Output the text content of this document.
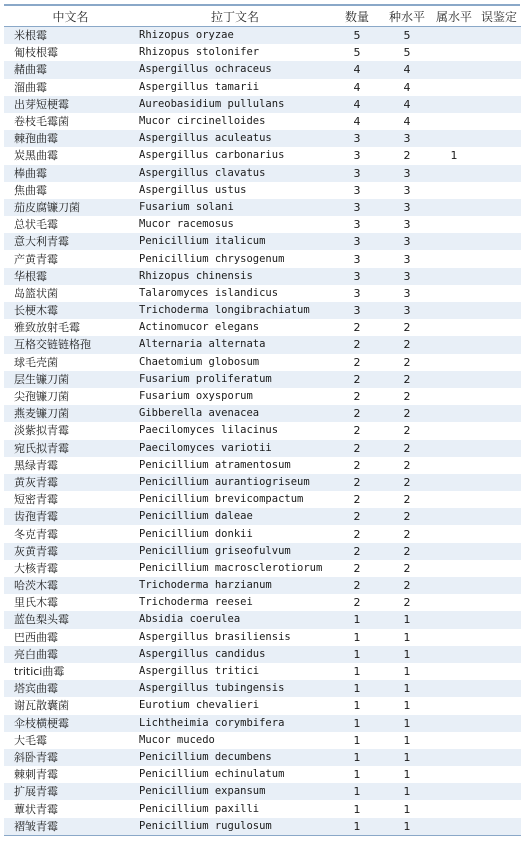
中文名	拉丁文名	数量	种水平	属水平	误鉴定
米根霉	Rhizopus oryzae	5	5		
匍枝根霉	Rhizopus stolonifer	5	5		
赭曲霉	Aspergillus ochraceus	4	4		
溜曲霉	Aspergillus tamarii	4	4		
出芽短梗霉	Aureobasidium pullulans	4	4		
卷枝毛霉菌	Mucor circinelloides	4	4		
棘孢曲霉	Aspergillus aculeatus	3	3		
炭黑曲霉	Aspergillus carbonarius	3	2	1	
棒曲霉	Aspergillus clavatus	3	3		
焦曲霉	Aspergillus ustus	3	3		
茄皮腐镰刀菌	Fusarium solani	3	3		
总状毛霉	Mucor racemosus	3	3		
意大利青霉	Penicillium italicum	3	3		
产黄青霉	Penicillium chrysogenum	3	3		
华根霉	Rhizopus chinensis	3	3		
岛篮状菌	Talaromyces islandicus	3	3		
长梗木霉	Trichoderma longibrachiatum	3	3		
雅致放射毛霉	Actinomucor elegans	2	2		
互格交链链格孢	Alternaria alternata	2	2		
球毛壳菌	Chaetomium globosum	2	2		
层生镰刀菌	Fusarium proliferatum	2	2		
尖孢镰刀菌	Fusarium oxysporum	2	2		
燕麦镰刀菌	Gibberella avenacea	2	2		
淡紫拟青霉	Paecilomyces lilacinus	2	2		
宛氏拟青霉	Paecilomyces variotii	2	2		
黑绿青霉	Penicillium atramentosum	2	2		
黄灰青霉	Penicillium aurantiogriseum	2	2		
短密青霉	Penicillium brevicompactum	2	2		
齿孢青霉	Penicillium daleae	2	2		
冬克青霉	Penicillium donkii	2	2		
灰黄青霉	Penicillium griseofulvum	2	2		
大核青霉	Penicillium macrosclerotiorum	2	2		
哈茨木霉	Trichoderma harzianum	2	2		
里氏木霉	Trichoderma reesei	2	2		
蓝色梨头霉	Absidia coerulea	1	1		
巴西曲霉	Aspergillus brasiliensis	1	1		
亮白曲霉	Aspergillus candidus	1	1		
tritici曲霉	Aspergillus tritici	1	1		
塔宾曲霉	Aspergillus tubingensis	1	1		
谢瓦散囊菌	Eurotium chevalieri	1	1		
伞枝横梗霉	Lichtheimia corymbifera	1	1		
大毛霉	Mucor mucedo	1	1		
斜卧青霉	Penicillium decumbens	1	1		
棘刺青霉	Penicillium echinulatum	1	1		
扩展青霉	Penicillium expansum	1	1		
蕈状青霉	Penicillium paxilli	1	1		
褶皱青霉	Penicillium rugulosum	1	1		
